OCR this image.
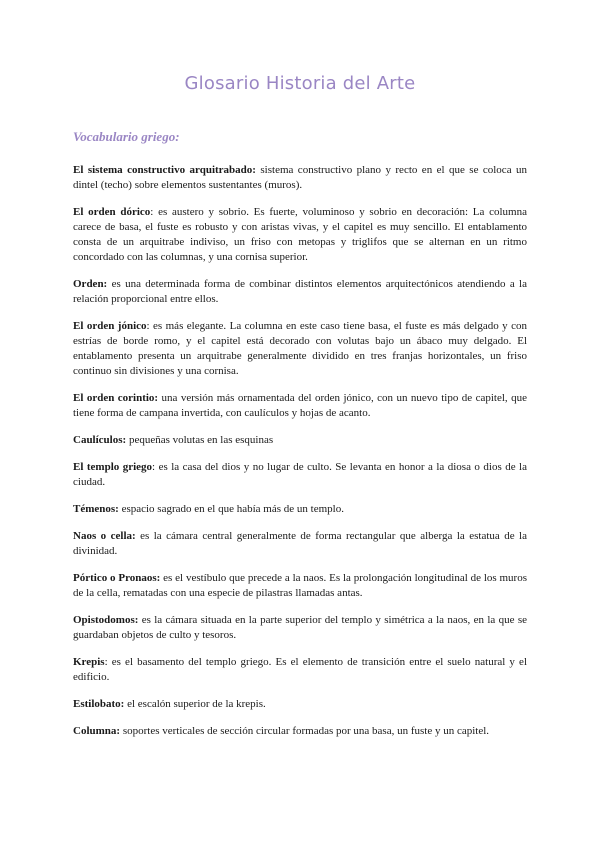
Glosario Historia del Arte
Vocabulario griego:

El sistema constructivo arquitrabado: sistema constructivo plano y recto en el que se coloca un dintel (techo) sobre elementos sustentantes (muros).

El orden dórico: es austero y sobrio. Es fuerte, voluminoso y sobrio en decoración: La columna carece de basa, el fuste es robusto y con aristas vivas, y el capitel es muy sencillo. El entablamento consta de un arquitrabe indiviso, un friso con metopas y triglifos que se alternan en un ritmo concordado con las columnas, y una cornisa superior.

Orden: es una determinada forma de combinar distintos elementos arquitectónicos atendiendo a la relación proporcional entre ellos.

El orden jónico: es más elegante. La columna en este caso tiene basa, el fuste es más delgado y con estrías de borde romo, y el capitel está decorado con volutas bajo un ábaco muy delgado. El entablamento presenta un arquitrabe generalmente dividido en tres franjas horizontales, un friso continuo sin divisiones y una cornisa.

El orden corintio: una versión más ornamentada del orden jónico, con un nuevo tipo de capitel, que tiene forma de campana invertida, con caulículos y hojas de acanto.

Caulículos: pequeñas volutas en las esquinas

El templo griego: es la casa del dios y no lugar de culto. Se levanta en honor a la diosa o dios de la ciudad.

Témenos: espacio sagrado en el que había más de un templo.

Naos o cella: es la cámara central generalmente de forma rectangular que alberga la estatua de la divinidad.

Pórtico o Pronaos: es el vestíbulo que precede a la naos. Es la prolongación longitudinal de los muros de la cella, rematadas con una especie de pilastras llamadas antas.

Opistodomos: es la cámara situada en la parte superior del templo y simétrica a la naos, en la que se guardaban objetos de culto y tesoros.

Krepis: es el basamento del templo griego. Es el elemento de transición entre el suelo natural y el edificio.

Estilobato: el escalón superior de la krepis.

Columna: soportes verticales de sección circular formadas por una basa, un fuste y un capitel.
